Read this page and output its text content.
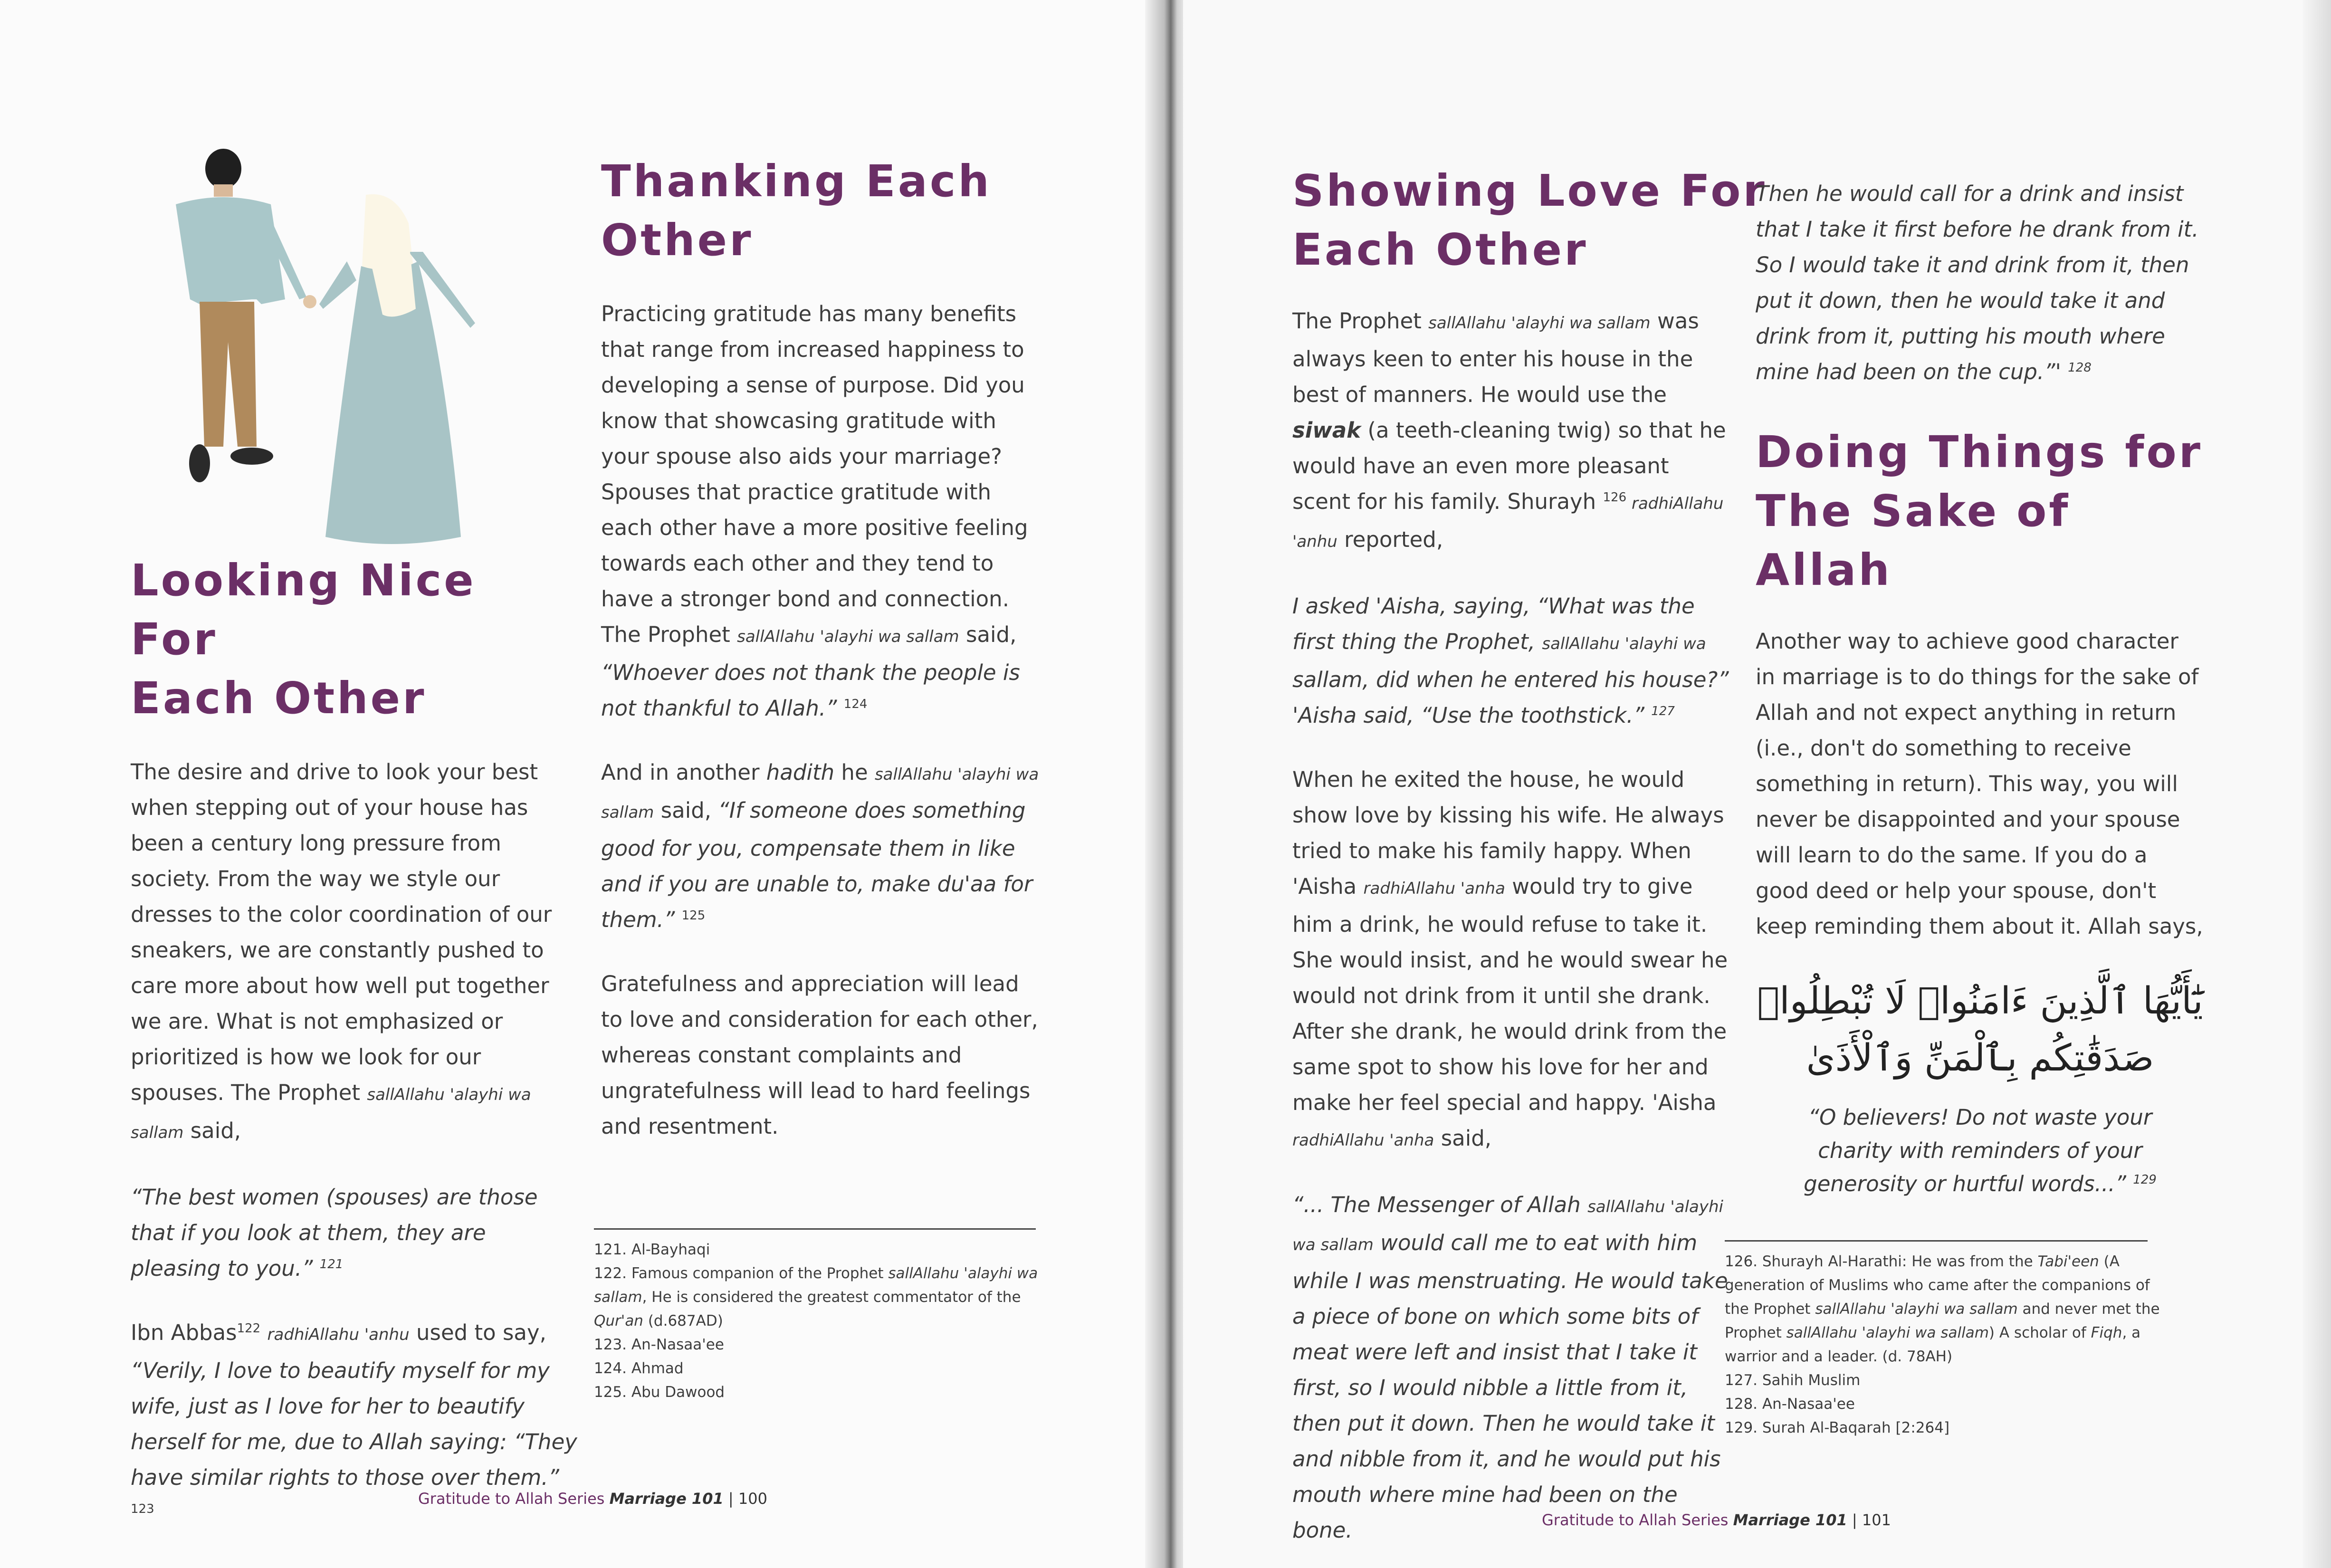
Looking Nice For
Each Other

The desire and drive to look your best when stepping out of your house has been a century long pressure from society. From the way we style our dresses to the color coordination of our sneakers, we are constantly pushed to care more about how well put together we are. What is not emphasized or prioritized is how we look for our spouses. The Prophet sallAllahu 'alayhi wa sallam said,

“The best women (spouses) are those that if you look at them, they are pleasing to you.” $^{121}$

Ibn Abbas$^{122}$ radhiAllahu 'anhu used to say, “Verily, I love to beautify myself for my wife, just as I love for her to beautify herself for me, due to Allah saying: “They have similar rights to those over them.” $^{123}$

Thanking Each
Other

Practicing gratitude has many benefits that range from increased happiness to developing a sense of purpose. Did you know that showcasing gratitude with your spouse also aids your marriage? Spouses that practice gratitude with each other have a more positive feeling towards each other and they tend to have a stronger bond and connection. The Prophet sallAllahu 'alayhi wa sallam said, “Whoever does not thank the people is not thankful to Allah.” $^{124}$

And in another hadith he sallAllahu 'alayhi wa sallam said, “If someone does something good for you, compensate them in like and if you are unable to, make du'aa for them.” $^{125}$

Gratefulness and appreciation will lead to love and consideration for each other, whereas constant complaints and ungratefulness will lead to hard feelings and resentment.

121. Al-Bayhaqi
122. Famous companion of the Prophet sallAllahu 'alayhi wa sallam, He is considered the greatest commentator of the Qur'an (d.687AD)
123. An-Nasaa'ee
124. Ahmad
125. Abu Dawood
Gratitude to Allah Series Marriage 101 | 100
Showing Love For
Each Other

The Prophet sallAllahu 'alayhi wa sallam was always keen to enter his house in the best of manners. He would use the siwak (a teeth-cleaning twig) so that he would have an even more pleasant scent for his family. Shurayh $^{126}$ radhiAllahu 'anhu reported,

I asked 'Aisha, saying, “What was the first thing the Prophet, sallAllahu 'alayhi wa sallam, did when he entered his house?” 'Aisha said, “Use the toothstick.” $^{127}$

When he exited the house, he would show love by kissing his wife. He always tried to make his family happy. When 'Aisha radhiAllahu 'anha would try to give him a drink, he would refuse to take it. She would insist, and he would swear he would not drink from it until she drank. After she drank, he would drink from the same spot to show his love for her and make her feel special and happy. 'Aisha radhiAllahu 'anha said,

“... The Messenger of Allah sallAllahu 'alayhi wa sallam would call me to eat with him while I was menstruating. He would take a piece of bone on which some bits of meat were left and insist that I take it first, so I would nibble a little from it, then put it down. Then he would take it and nibble from it, and he would put his mouth where mine had been on the bone.

Then he would call for a drink and insist that I take it first before he drank from it. So I would take it and drink from it, then put it down, then he would take it and drink from it, putting his mouth where mine had been on the cup.”' $^{128}$
Doing Things for
The Sake of Allah

Another way to achieve good character in marriage is to do things for the sake of Allah and not expect anything in return (i.e., don't do something to receive something in return). This way, you will never be disappointed and your spouse will learn to do the same. If you do a good deed or help your spouse, don't keep reminding them about it. Allah says,

يَٰٓأَيُّهَا ٱلَّذِينَ ءَامَنُوا۟ لَا تُبْطِلُوا۟ صَدَقَٰتِكُم بِٱلْمَنِّ وَٱلْأَذَىٰ
“O believers! Do not waste your charity with reminders of your generosity or hurtful words...” $^{129}$
126. Shurayh Al-Harathi: He was from the Tabi'een (A generation of Muslims who came after the companions of the Prophet sallAllahu 'alayhi wa sallam and never met the Prophet sallAllahu 'alayhi wa sallam) A scholar of Fiqh, a warrior and a leader. (d. 78AH)
127. Sahih Muslim
128. An-Nasaa'ee
129. Surah Al-Baqarah [2:264]
Gratitude to Allah Series Marriage 101 | 101
